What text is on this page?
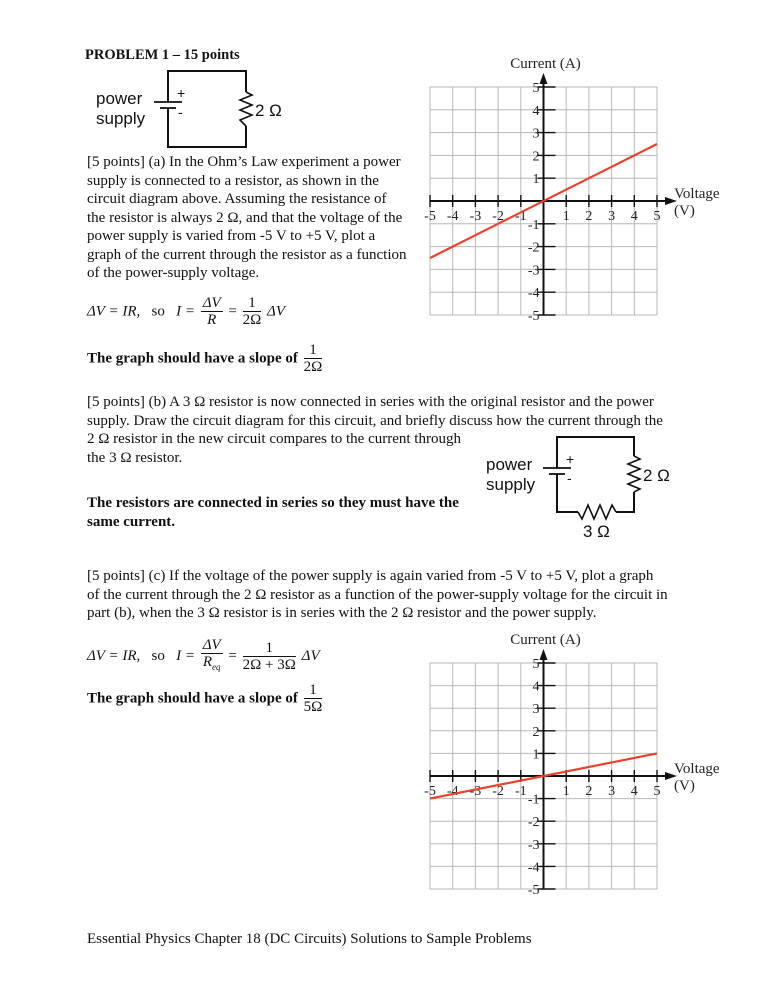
PROBLEM 1 – 15 points
power
supply
+
-	2 Ω
[5 points] (a) In the Ohm’s Law experiment a power supply is connected to a resistor, as shown in the circuit diagram above. Assuming the resistance of the resistor is always 2 Ω, and that the voltage of the power supply is varied from -5 V to +5 V, plot a graph of the current through the resistor as a function of the power-supply voltage.
ΔV = IR, so $I = \frac{\Delta V}{R} = \frac{1}{2\Omega}$ ΔV
The graph should have a slope of $\frac{1}{2\Omega}$
-5 -4 -3 -2 -1	1 2 3 4 5
5
4
3
2
1
-1
-2
-3
-4
-5
Current (A)
Voltage
(V)
[5 points] (b) A 3 Ω resistor is now connected in series with the original resistor and the power
supply. Draw the circuit diagram for this circuit, and briefly discuss how the current through the
2 Ω resistor in the new circuit compares to the current through
the 3 Ω resistor.
The resistors are connected in series so they must have the
same current.
power
supply
+
-	2 Ω
3 Ω
[5 points] (c) If the voltage of the power supply is again varied from -5 V to +5 V, plot a graph
of the current through the 2 Ω resistor as a function of the power-supply voltage for the circuit in
part (b), when the 3 Ω resistor is in series with the 2 Ω resistor and the power supply.
ΔV = IR, so $I = \frac{\Delta V}{R_{eq}} = \frac{1}{2\Omega + 3\Omega}$ ΔV
The graph should have a slope of $\frac{1}{5\Omega}$
-5 -4 -3 -2 -1	1 2 3 4 5
5
4
3
2
1
-1
-2
-3
-4
-5
Current (A)
Voltage
(V)
Essential Physics Chapter 18 (DC Circuits) Solutions to Sample Problems
